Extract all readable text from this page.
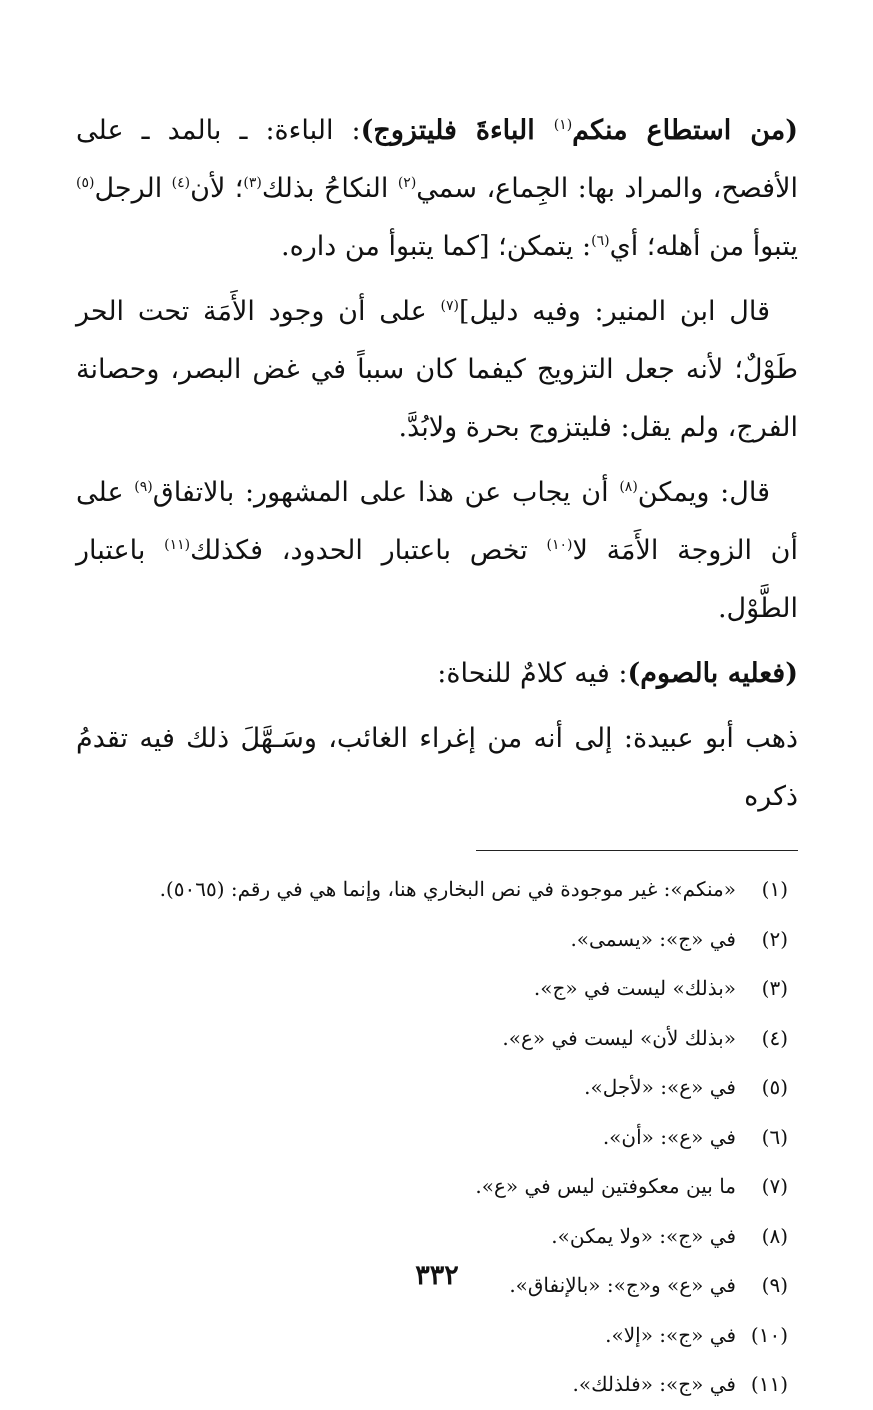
(من استطاع منكم$^{(١)}$ الباءةَ فليتزوج): الباءة: ـ بالمد ـ على الأفصح، والمراد بها: الجِماع، سمي$^{(٢)}$ النكاحُ بذلك$^{(٣)}$؛ لأن$^{(٤)}$ الرجل$^{(٥)}$ يتبوأ من أهله؛ أي$^{(٦)}$: يتمكن؛ [كما يتبوأ من داره.

قال ابن المنير: وفيه دليل]$^{(٧)}$ على أن وجود الأَمَة تحت الحر طَوْلٌ؛ لأنه جعل التزويج كيفما كان سبباً في غض البصر، وحصانة الفرج، ولم يقل: فليتزوج بحرة ولابُدَّ.

قال: ويمكن$^{(٨)}$ أن يجاب عن هذا على المشهور: بالاتفاق$^{(٩)}$ على أن الزوجة الأَمَة لا$^{(١٠)}$ تخص باعتبار الحدود، فكذلك$^{(١١)}$ باعتبار الطَّوْل.

(فعليه بالصوم): فيه كلامٌ للنحاة:

ذهب أبو عبيدة: إلى أنه من إغراء الغائب، وسَـهَّلَ ذلك فيه تقدمُ ذكره

(١)
«منكم»: غير موجودة في نص البخاري هنا، وإنما هي في رقم: (٥٠٦٥).
(٢)
في «ج»: «يسمى».
(٣)
«بذلك» ليست في «ج».
(٤)
«بذلك لأن» ليست في «ع».
(٥)
في «ع»: «لأجل».
(٦)
في «ع»: «أن».
(٧)
ما بين معكوفتين ليس في «ع».
(٨)
في «ج»: «ولا يمكن».
(٩)
في «ع» و«ج»: «بالإنفاق».
(١٠)
في «ج»: «إلا».
(١١)
في «ج»: «فلذلك».
٣٣٢
